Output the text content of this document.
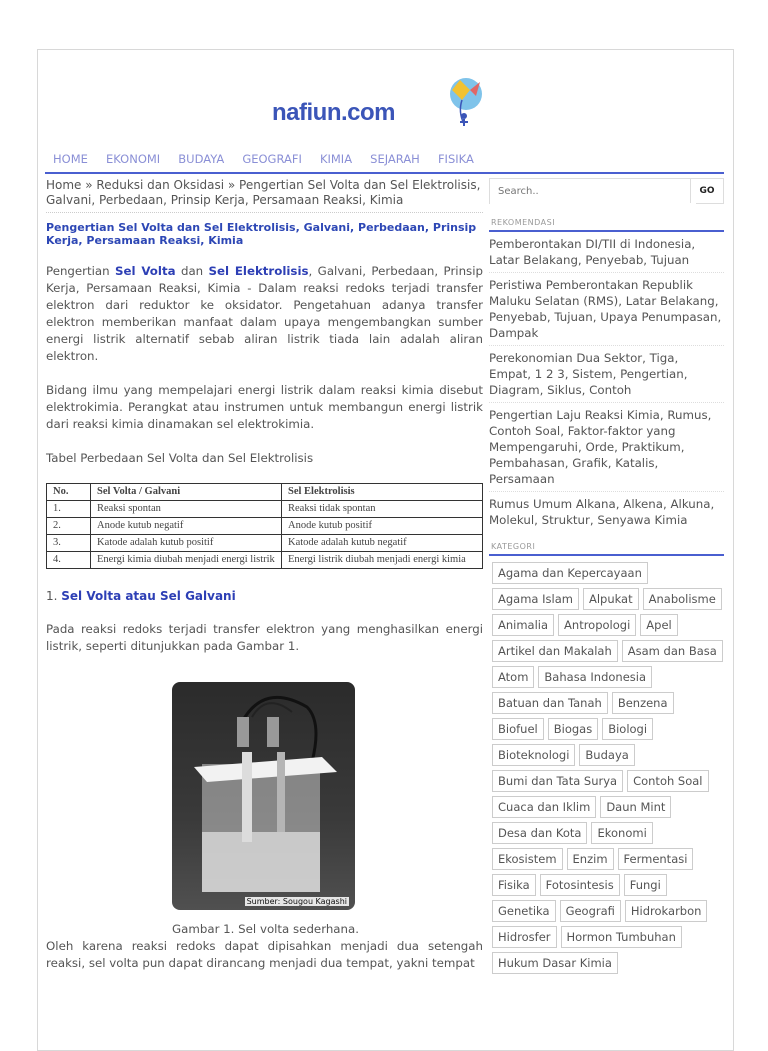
nafiun.com
HOME EKONOMI BUDAYA GEOGRAFI KIMIA SEJARAH FISIKA
Home » Reduksi dan Oksidasi » Pengertian Sel Volta dan Sel Elektrolisis, Galvani, Perbedaan, Prinsip Kerja, Persamaan Reaksi, Kimia
Pengertian Sel Volta dan Sel Elektrolisis, Galvani, Perbedaan, Prinsip Kerja, Persamaan Reaksi, Kimia

Pengertian Sel Volta dan Sel Elektrolisis, Galvani, Perbedaan, Prinsip Kerja, Persamaan Reaksi, Kimia - Dalam reaksi redoks terjadi transfer elektron dari reduktor ke oksidator. Pengetahuan adanya transfer elektron memberikan manfaat dalam upaya mengembangkan sumber energi listrik alternatif sebab aliran listrik tiada lain adalah aliran elektron.

Bidang ilmu yang mempelajari energi listrik dalam reaksi kimia disebut elektrokimia. Perangkat atau instrumen untuk membangun energi listrik dari reaksi kimia dinamakan sel elektrokimia.

Tabel Perbedaan Sel Volta dan Sel Elektrolisis

No.	Sel Volta / Galvani	Sel Elektrolisis
1.	Reaksi spontan	Reaksi tidak spontan
2.	Anode kutub negatif	Anode kutub positif
3.	Katode adalah kutub positif	Katode adalah kutub negatif
4.	Energi kimia diubah menjadi energi listrik	Energi listrik diubah menjadi energi kimia
1. Sel Volta atau Sel Galvani

Pada reaksi redoks terjadi transfer elektron yang menghasilkan energi listrik, seperti ditunjukkan pada Gambar 1.

Sumber: Sougou Kagashi

Gambar 1. Sel volta sederhana.

Oleh karena reaksi redoks dapat dipisahkan menjadi dua setengah reaksi, sel volta pun dapat dirancang menjadi dua tempat, yakni tempat

Search..
GO
REKOMENDASI
Pemberontakan DI/TII di Indonesia, Latar Belakang, Penyebab, Tujuan
Peristiwa Pemberontakan Republik Maluku Selatan (RMS), Latar Belakang, Penyebab, Tujuan, Upaya Penumpasan, Dampak
Perekonomian Dua Sektor, Tiga, Empat, 1 2 3, Sistem, Pengertian, Diagram, Siklus, Contoh
Pengertian Laju Reaksi Kimia, Rumus, Contoh Soal, Faktor-faktor yang Mempengaruhi, Orde, Praktikum, Pembahasan, Grafik, Katalis, Persamaan
Rumus Umum Alkana, Alkena, Alkuna, Molekul, Struktur, Senyawa Kimia
KATEGORI
Agama dan KepercayaanAgama Islam Alpukat AnabolismeAnimalia Antropologi ApelArtikel dan Makalah Asam dan BasaAtom Bahasa IndonesiaBatuan dan Tanah BenzenaBiofuel Biogas BiologiBioteknologi BudayaBumi dan Tata Surya Contoh SoalCuaca dan Iklim Daun MintDesa dan Kota EkonomiEkosistem Enzim FermentasiFisika Fotosintesis FungiGenetika Geografi HidrokarbonHidrosfer Hormon TumbuhanHukum Dasar Kimia
